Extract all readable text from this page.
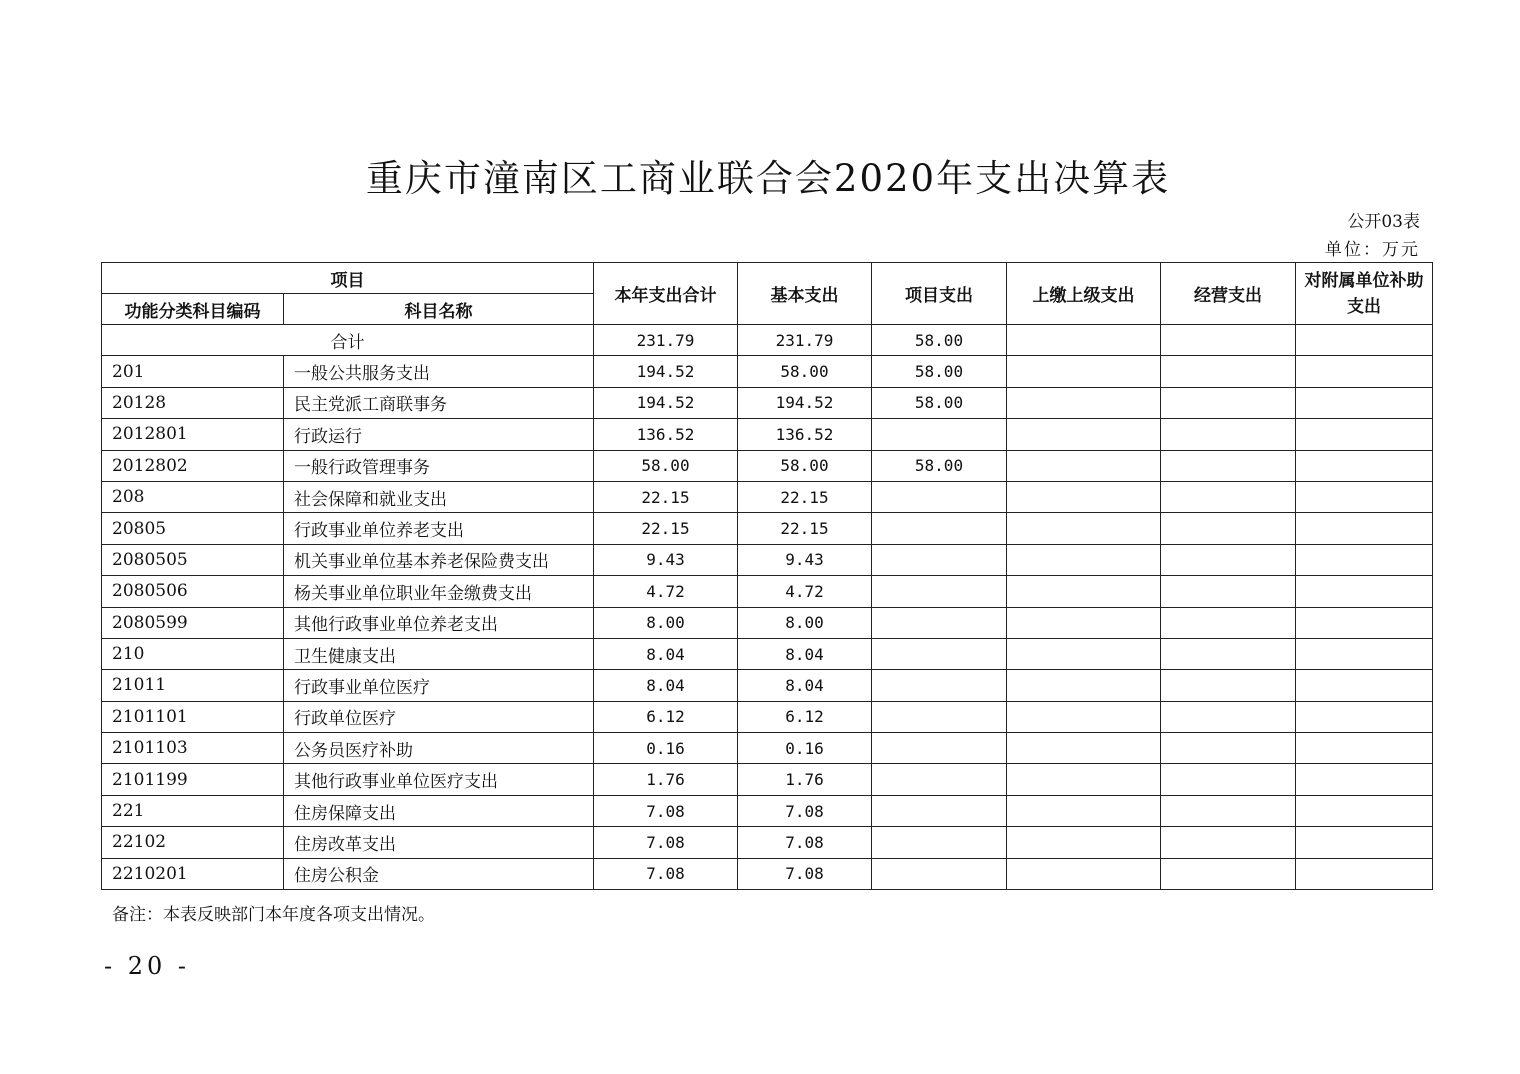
重庆市潼南区工商业联合会2020年支出决算表
公开03表
单位：万元
项目		本年支出合计	基本支出	项目支出	上缴上级支出	经营支出	对附属单位补助支出
功能分类科目编码	科目名称						
合计		231.79	231.79	58.00			
201	一般公共服务支出	194.52	58.00	58.00			
20128	民主党派工商联事务	194.52	194.52	58.00			
2012801	行政运行	136.52	136.52				
2012802	一般行政管理事务	58.00	58.00	58.00			
208	社会保障和就业支出	22.15	22.15				
20805	行政事业单位养老支出	22.15	22.15				
2080505	机关事业单位基本养老保险费支出	9.43	9.43				
2080506	杨关事业单位职业年金缴费支出	4.72	4.72				
2080599	其他行政事业单位养老支出	8.00	8.00				
210	卫生健康支出	8.04	8.04				
21011	行政事业单位医疗	8.04	8.04				
2101101	行政单位医疗	6.12	6.12				
2101103	公务员医疗补助	0.16	0.16				
2101199	其他行政事业单位医疗支出	1.76	1.76				
221	住房保障支出	7.08	7.08				
22102	住房改革支出	7.08	7.08				
2210201	住房公积金	7.08	7.08				
备注：本表反映部门本年度各项支出情况。
- 20 -
